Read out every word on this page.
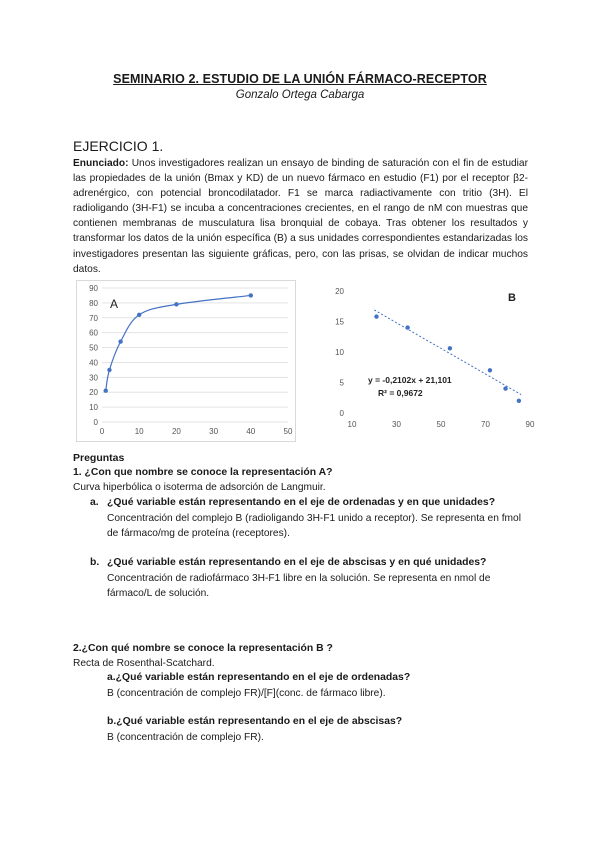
SEMINARIO 2. ESTUDIO DE LA UNIÓN FÁRMACO-RECEPTOR
Gonzalo Ortega Cabarga
EJERCICIO 1.
Enunciado: Unos investigadores realizan un ensayo de binding de saturación con el fin de estudiar las propiedades de la unión (Bmax y KD) de un nuevo fármaco en estudio (F1) por el receptor β2-adrenérgico, con potencial broncodilatador. F1 se marca radiactivamente con tritio (3H). El radioligando (3H-F1) se incuba a concentraciones crecientes, en el rango de nM con muestras que contienen membranas de musculatura lisa bronquial de cobaya. Tras obtener los resultados y transformar los datos de la unión específica (B) a sus unidades correspondientes estandarizadas los investigadores presentan las siguiente gráficas, pero, con las prisas, se olvidan de indicar muchos datos.
0
10
20
30
40
50
60
70
80
90
0	10	20	30	40	50
A
0
5
10
15
20
10	30	50	70	90
B
y = -0,2102x + 21,101
R² = 0,9672
Preguntas
1. ¿Con que nombre se conoce la representación A?
Curva hiperbólica o isoterma de adsorción de Langmuir.
a. ¿Qué variable están representando en el eje de ordenadas y en que unidades?
Concentración del complejo B (radioligando 3H-F1 unido a receptor). Se representa en fmol de fármaco/mg de proteína (receptores).
b. ¿Qué variable están representando en el eje de abscisas y en qué unidades?
Concentración de radiofármaco 3H-F1 libre en la solución. Se representa en nmol de fármaco/L de solución.
2.¿Con qué nombre se conoce la representación B ?
Recta de Rosenthal-Scatchard.
a.¿Qué variable están representando en el eje de ordenadas?
B (concentración de complejo FR)/[F](conc. de fármaco libre).
b.¿Qué variable están representando en el eje de abscisas?
B (concentración de complejo FR).
